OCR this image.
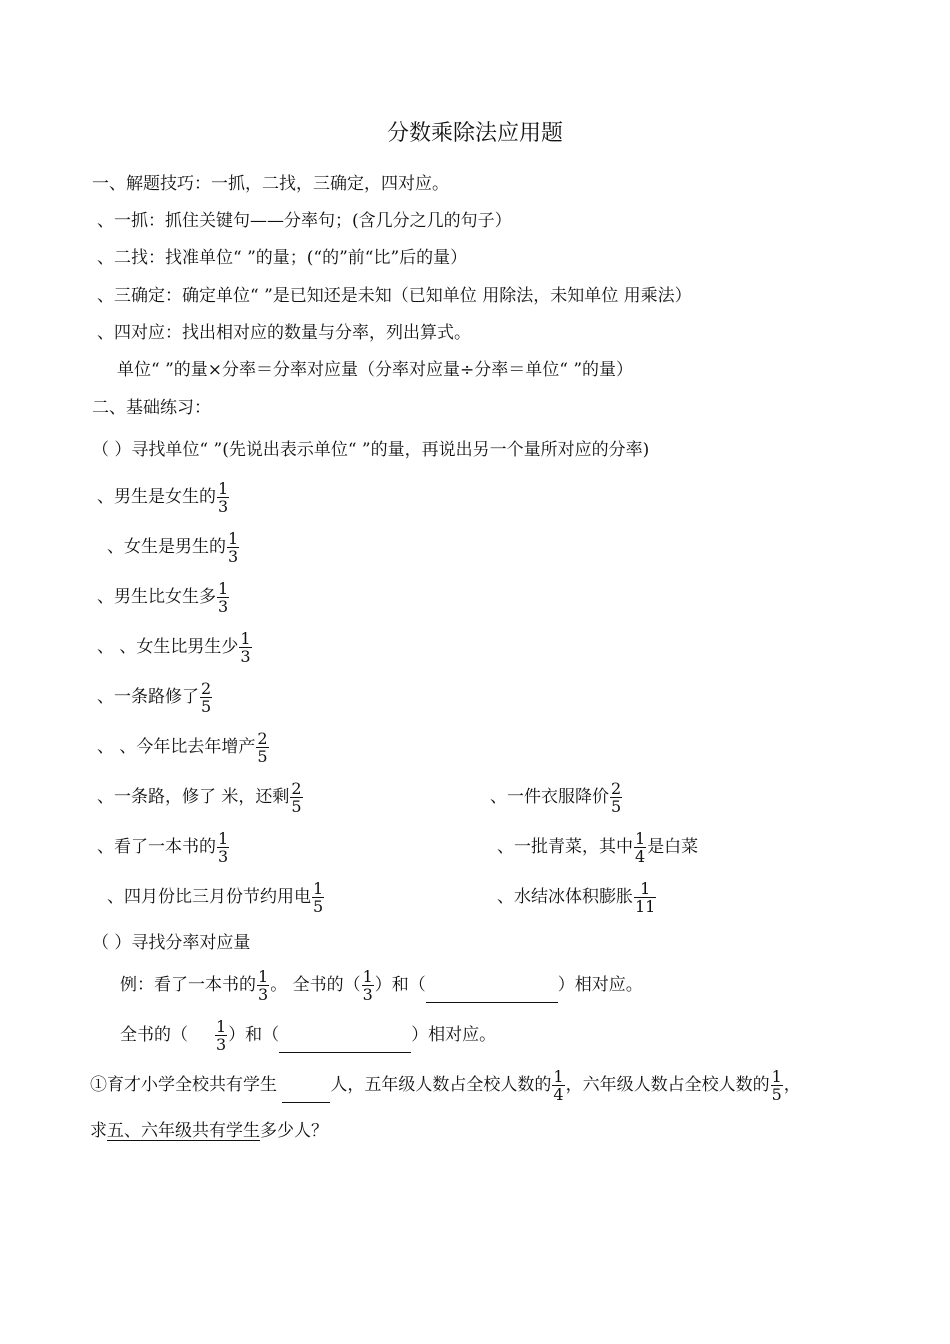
分数乘除法应用题
一、解题技巧：一抓，二找，三确定，四对应。
、一抓：抓住关键句——分率句；(含几分之几的句子）
、二找：找准单位“ ”的量；(“的”前“比”后的量）
、三确定：确定单位“ ”是已知还是未知（已知单位 用除法，未知单位 用乘法）
、四对应：找出相对应的数量与分率，列出算式。
单位“ ”的量×分率＝分率对应量（分率对应量÷分率＝单位“ ”的量）
二、基础练习：
（ ）寻找单位“ ”(先说出表示单位“ ”的量，再说出另一个量所对应的分率)
、男生是女生的 $\frac{1}{3}$
、女生是男生的 $\frac{1}{3}$
、男生比女生多 $\frac{1}{3}$
、 、女生比男生少 $\frac{1}{3}$
、一条路修了 $\frac{2}{5}$
、 、今年比去年增产 $\frac{2}{5}$
、一条路，修了 米，还剩 $\frac{2}{5}$	、一件衣服降价 $\frac{2}{5}$
、看了一本书的 $\frac{1}{3}$	、一批青菜，其中 $\frac{1}{4}$ 是白菜
、四月份比三月份节约用电 $\frac{1}{5}$	、水结冰体积膨胀 $\frac{1}{11}$
（ ）寻找分率对应量
例：看了一本书的 $\frac{1}{3}$ 。 全书的（ $\frac{1}{3}$ ）和（	）相对应。
全书的（ $\frac{1}{3}$ ）和（	）相对应。
①育才小学全校共有学生	人，五年级人数占全校人数的 $\frac{1}{4}$ ，六年级人数占全校人数的 $\frac{1}{5}$ ，
求五、六年级共有学生多少人？
